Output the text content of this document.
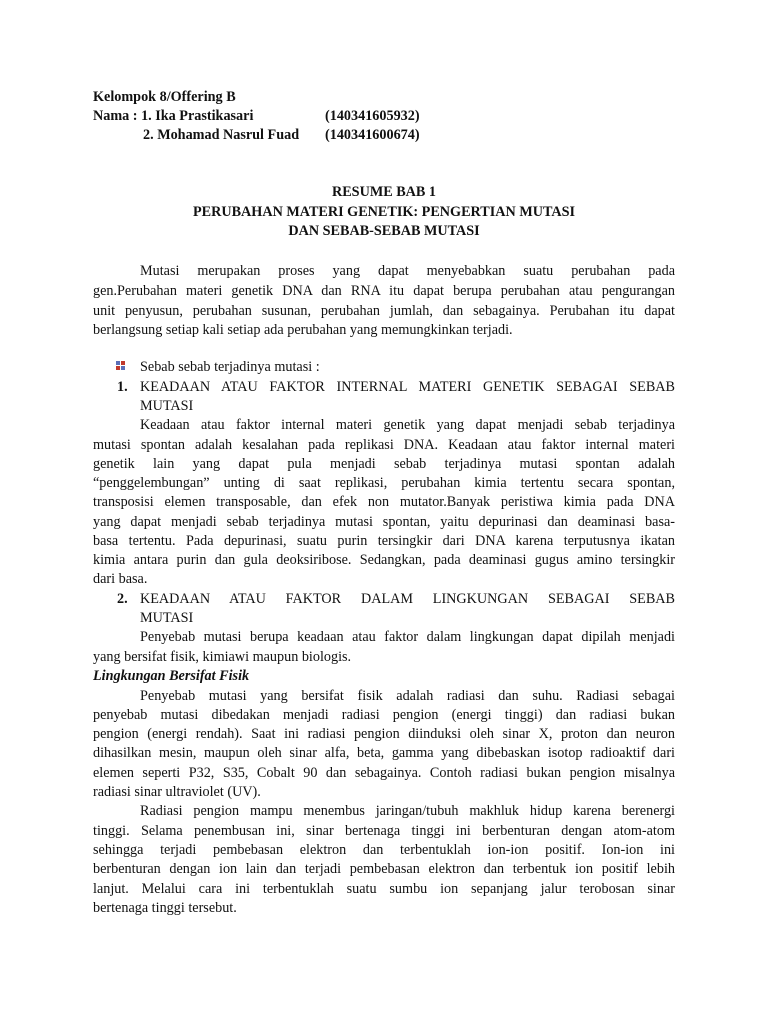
Kelompok 8/Offering B
Nama : 1. Ika Prastikasari	(140341605932)
2. Mohamad Nasrul Fuad (140341600674)
RESUME BAB 1
PERUBAHAN MATERI GENETIK: PENGERTIAN MUTASI
DAN SEBAB-SEBAB MUTASI
Mutasi merupakan proses yang dapat menyebabkan suatu perubahan pada
gen.Perubahan materi genetik DNA dan RNA itu dapat berupa perubahan atau pengurangan
unit penyusun, perubahan susunan, perubahan jumlah, dan sebagainya. Perubahan itu dapat
berlangsung setiap kali setiap ada perubahan yang memungkinkan terjadi.
Sebab sebab terjadinya mutasi :
1. KEADAAN ATAU FAKTOR INTERNAL MATERI GENETIK SEBAGAI SEBAB
MUTASI
Keadaan atau faktor internal materi genetik yang dapat menjadi sebab terjadinya
mutasi spontan adalah kesalahan pada replikasi DNA. Keadaan atau faktor internal materi
genetik lain yang dapat pula menjadi sebab terjadinya mutasi spontan adalah
“penggelembungan” unting di saat replikasi, perubahan kimia tertentu secara spontan,
transposisi elemen transposable, dan efek non mutator.Banyak peristiwa kimia pada DNA
yang dapat menjadi sebab terjadinya mutasi spontan, yaitu depurinasi dan deaminasi basa-
basa tertentu. Pada depurinasi, suatu purin tersingkir dari DNA karena terputusnya ikatan
kimia antara purin dan gula deoksiribose. Sedangkan, pada deaminasi gugus amino tersingkir
dari basa.
2. KEADAAN ATAU FAKTOR DALAM LINGKUNGAN SEBAGAI SEBAB
MUTASI
Penyebab mutasi berupa keadaan atau faktor dalam lingkungan dapat dipilah menjadi
yang bersifat fisik, kimiawi maupun biologis.
Lingkungan Bersifat Fisik
Penyebab mutasi yang bersifat fisik adalah radiasi dan suhu. Radiasi sebagai
penyebab mutasi dibedakan menjadi radiasi pengion (energi tinggi) dan radiasi bukan
pengion (energi rendah). Saat ini radiasi pengion diinduksi oleh sinar X, proton dan neuron
dihasilkan mesin, maupun oleh sinar alfa, beta, gamma yang dibebaskan isotop radioaktif dari
elemen seperti P32, S35, Cobalt 90 dan sebagainya. Contoh radiasi bukan pengion misalnya
radiasi sinar ultraviolet (UV).
Radiasi pengion mampu menembus jaringan/tubuh makhluk hidup karena berenergi
tinggi. Selama penembusan ini, sinar bertenaga tinggi ini berbenturan dengan atom-atom
sehingga terjadi pembebasan elektron dan terbentuklah ion-ion positif. Ion-ion ini
berbenturan dengan ion lain dan terjadi pembebasan elektron dan terbentuk ion positif lebih
lanjut. Melalui cara ini terbentuklah suatu sumbu ion sepanjang jalur terobosan sinar
bertenaga tinggi tersebut.
